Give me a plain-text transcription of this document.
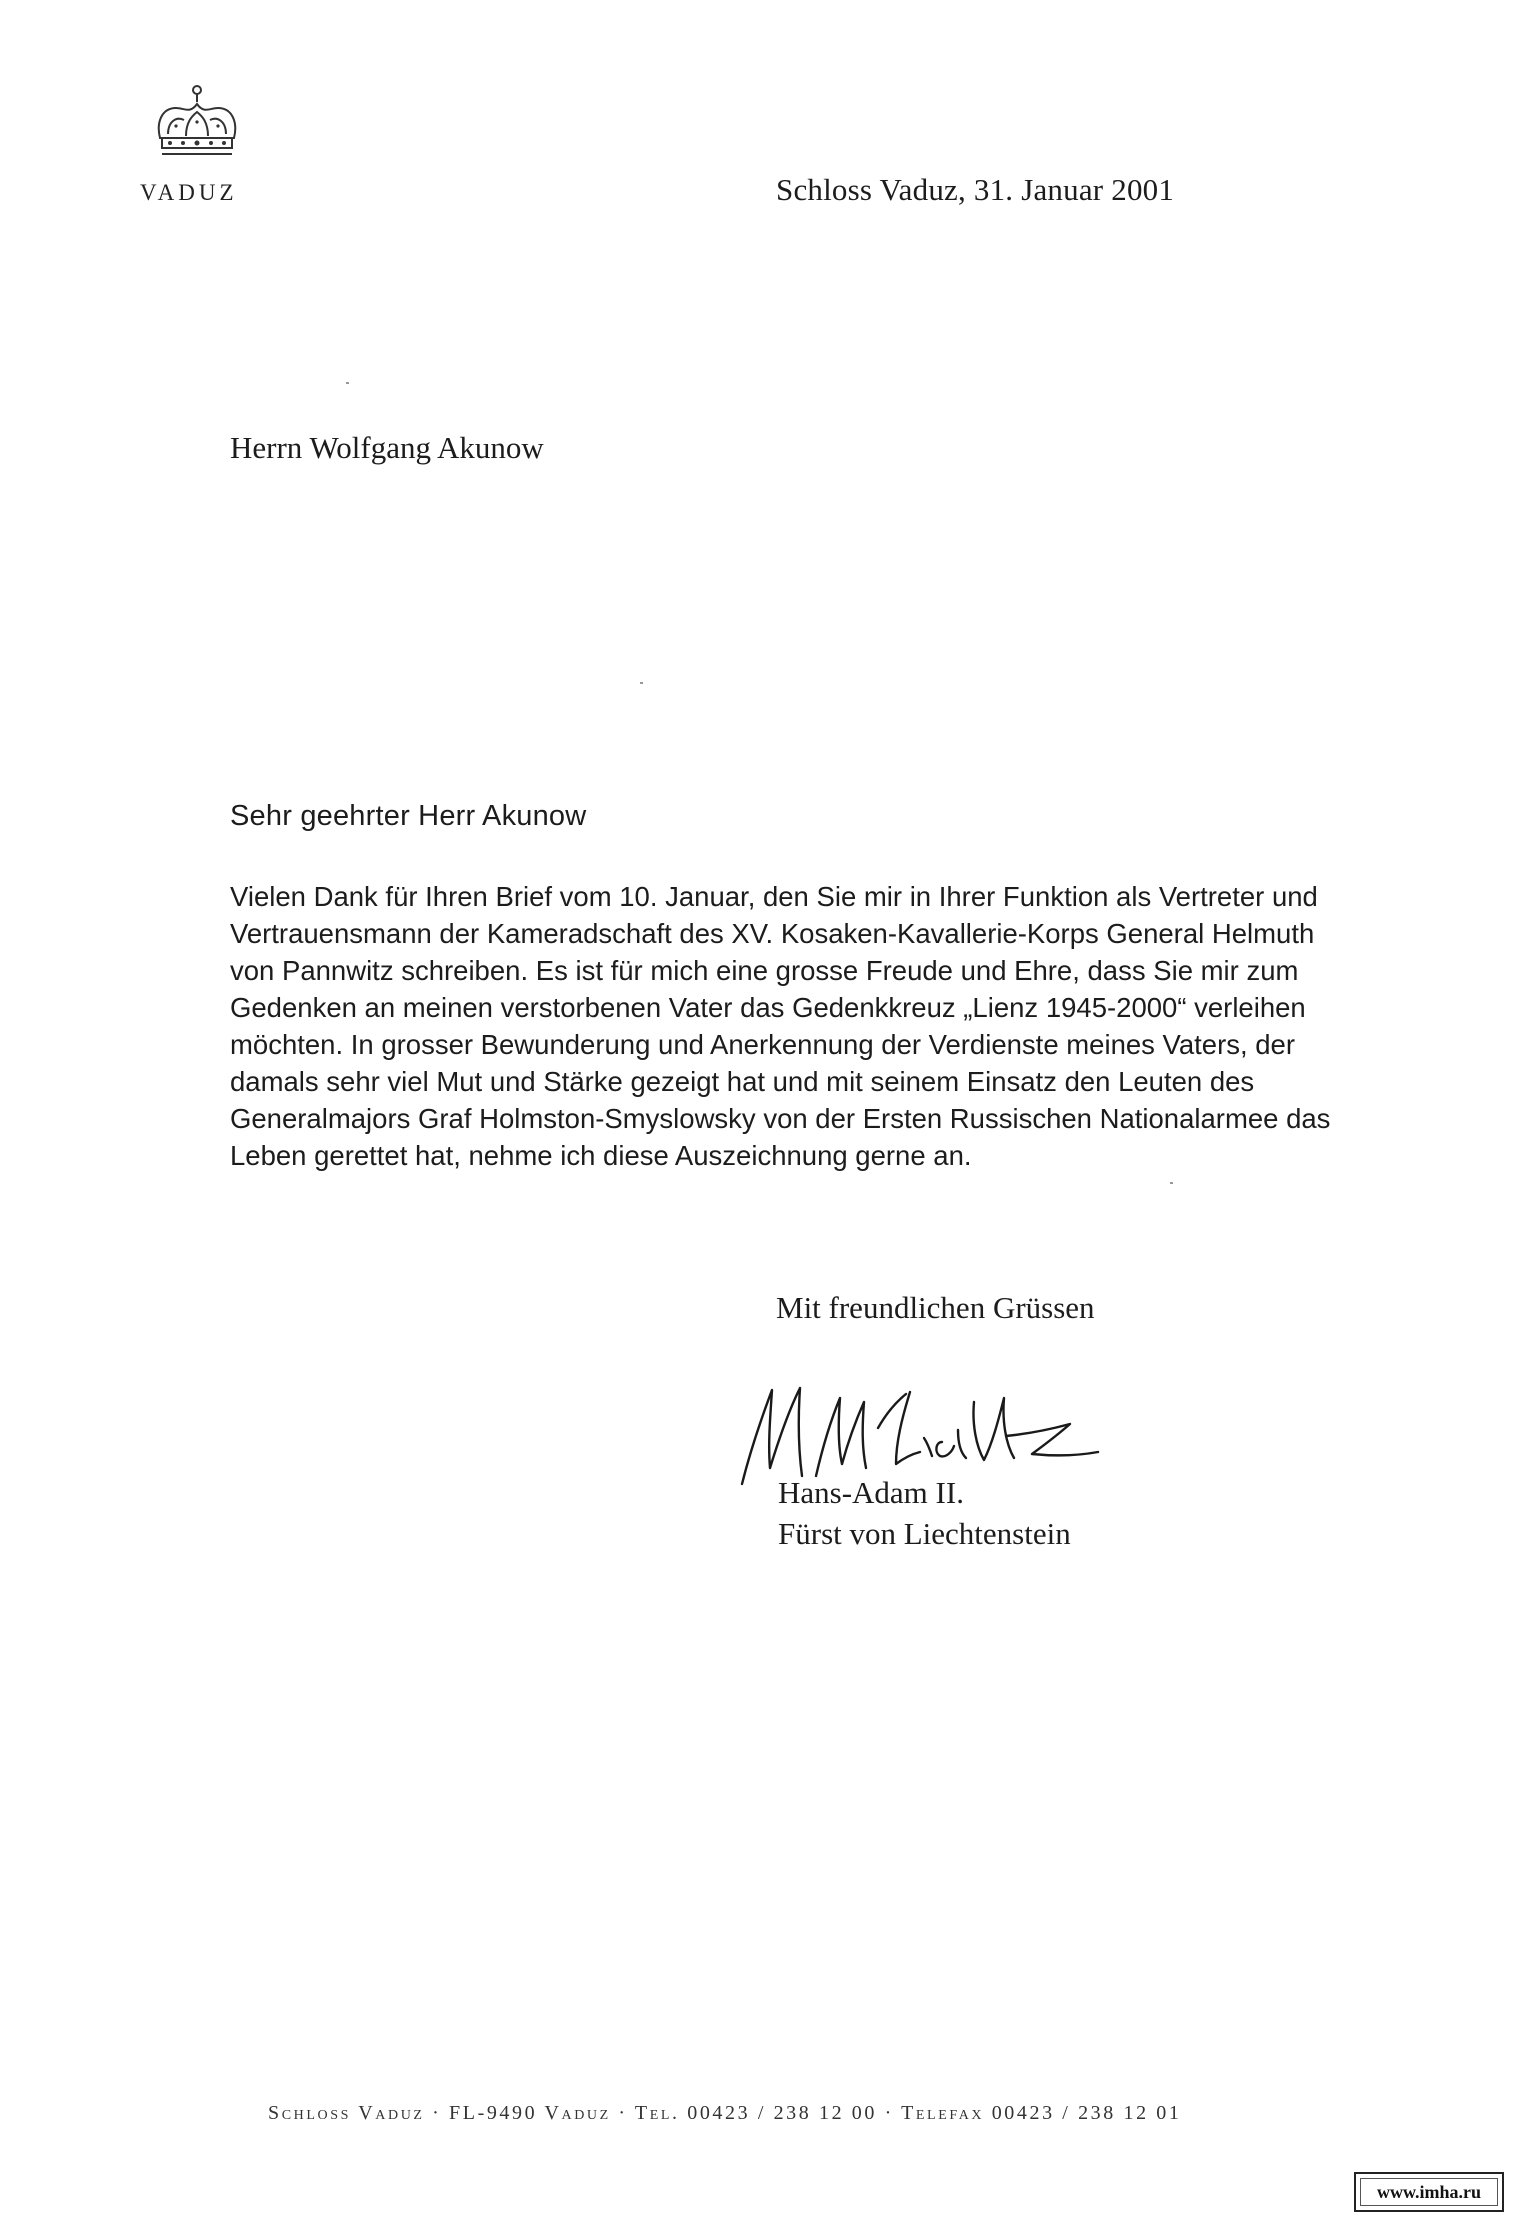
VADUZ	Schloss Vaduz, 31. Januar 2001
Herrn Wolfgang Akunow
Sehr geehrter Herr Akunow
Vielen Dank für Ihren Brief vom 10. Januar, den Sie mir in Ihrer Funktion als Vertreter und
Vertrauensmann der Kameradschaft des XV. Kosaken-Kavallerie-Korps General Helmuth
von Pannwitz schreiben. Es ist für mich eine grosse Freude und Ehre, dass Sie mir zum
Gedenken an meinen verstorbenen Vater das Gedenkkreuz „Lienz 1945-2000“ verleihen
möchten. In grosser Bewunderung und Anerkennung der Verdienste meines Vaters, der
damals sehr viel Mut und Stärke gezeigt hat und mit seinem Einsatz den Leuten des
Generalmajors Graf Holmston-Smyslowsky von der Ersten Russischen Nationalarmee das
Leben gerettet hat, nehme ich diese Auszeichnung gerne an.
Mit freundlichen Grüssen
Hans-Adam II.
Fürst von Liechtenstein
Schloss Vaduz · FL-9490 Vaduz · Tel. 00423 / 238 12 00 · Telefax 00423 / 238 12 01
www.imha.ru
